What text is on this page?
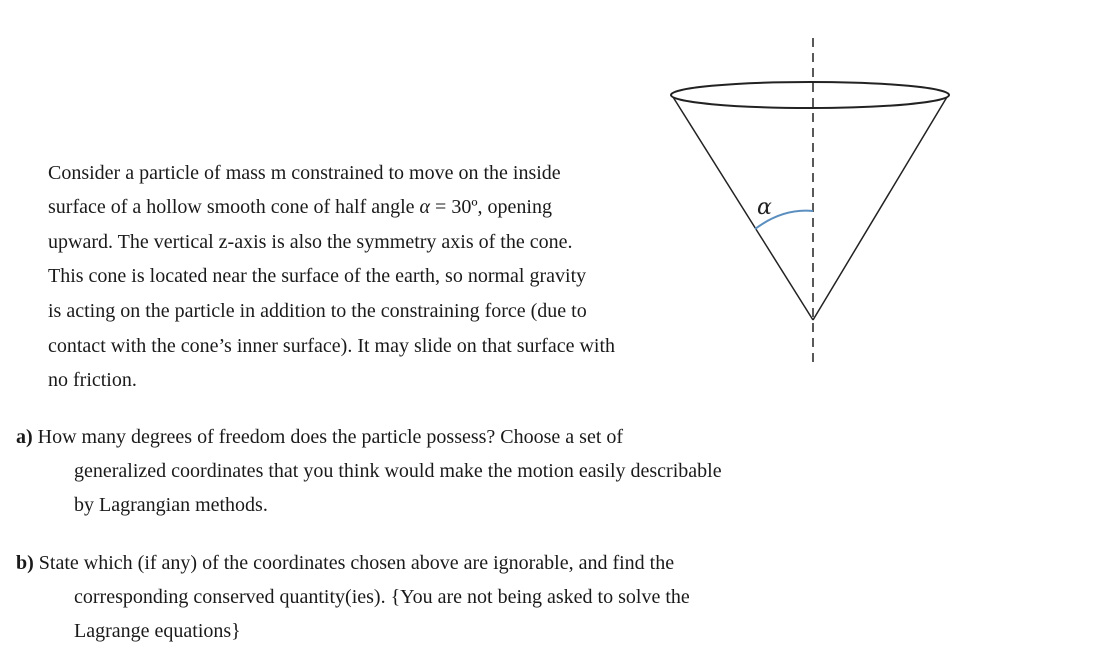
α
Consider a particle of mass m constrained to move on the inside
surface of a hollow smooth cone of half angle α = 30º, opening
upward. The vertical z-axis is also the symmetry axis of the cone.
This cone is located near the surface of the earth, so normal gravity
is acting on the particle in addition to the constraining force (due to
contact with the cone’s inner surface). It may slide on that surface with
no friction.
a) How many degrees of freedom does the particle possess? Choose a set of
generalized coordinates that you think would make the motion easily describable
by Lagrangian methods.
b) State which (if any) of the coordinates chosen above are ignorable, and find the
corresponding conserved quantity(ies). {You are not being asked to solve the
Lagrange equations}
